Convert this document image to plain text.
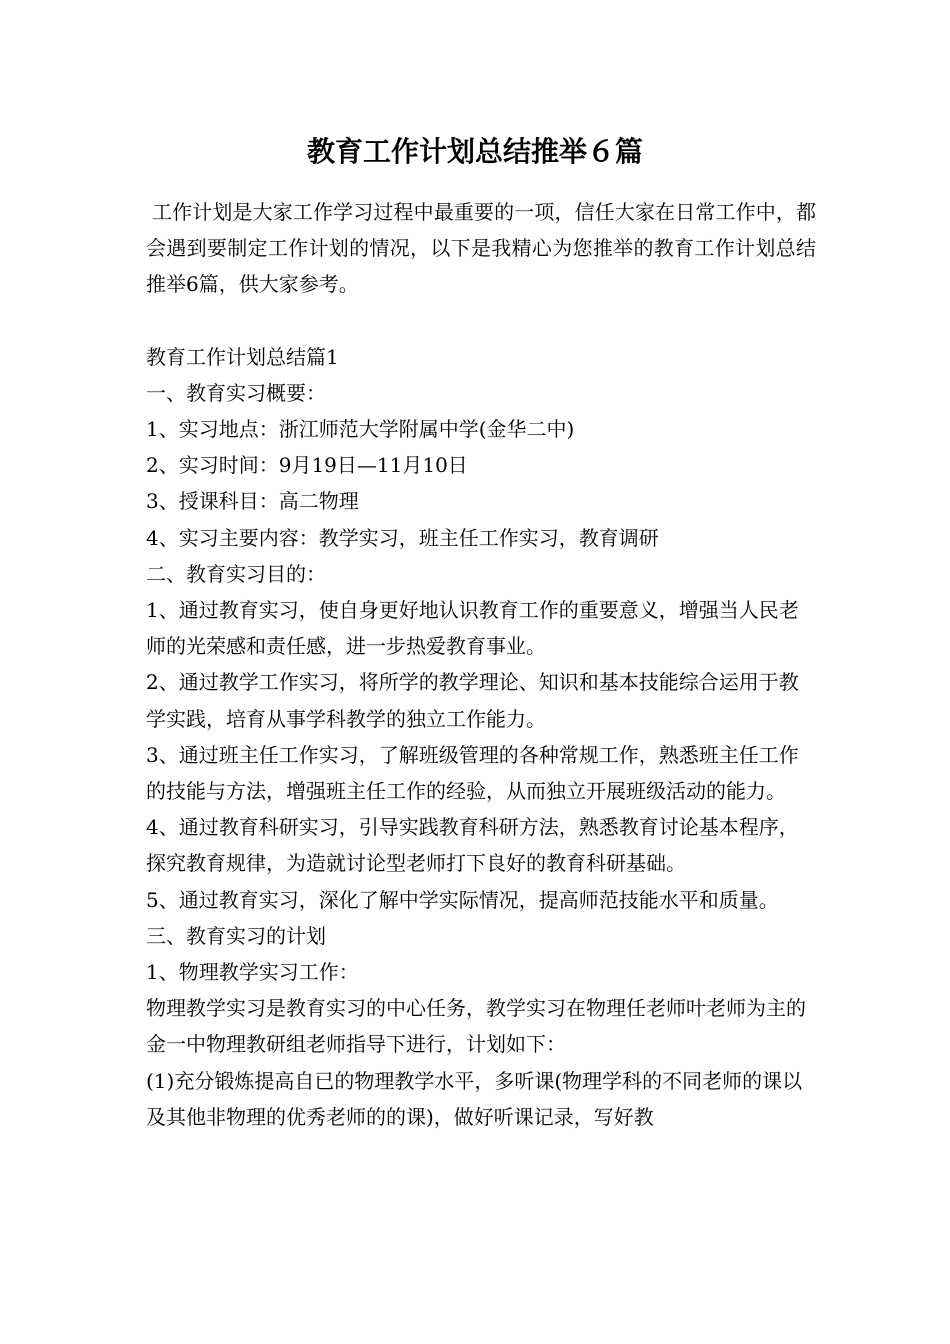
教育工作计划总结推举６篇

工作计划是大家工作学习过程中最重要的一项，信任大家在日常工作中，都会遇到要制定工作计划的情况，以下是我精心为您推举的教育工作计划总结推举6篇，供大家参考。

教育工作计划总结篇1

一、教育实习概要：

1、实习地点：浙江师范大学附属中学(金华二中)

2、实习时间：9月19日—11月10日

3、授课科目：高二物理

4、实习主要内容：教学实习，班主任工作实习，教育调研

二、教育实习目的：

1、通过教育实习，使自身更好地认识教育工作的重要意义，增强当人民老师的光荣感和责任感，进一步热爱教育事业。

2、通过教学工作实习，将所学的教学理论、知识和基本技能综合运用于教学实践，培育从事学科教学的独立工作能力。

3、通过班主任工作实习，了解班级管理的各种常规工作，熟悉班主任工作的技能与方法，增强班主任工作的经验，从而独立开展班级活动的能力。

4、通过教育科研实习，引导实践教育科研方法，熟悉教育讨论基本程序，探究教育规律，为造就讨论型老师打下良好的教育科研基础。

5、通过教育实习，深化了解中学实际情况，提高师范技能水平和质量。

三、教育实习的计划

1、物理教学实习工作：

物理教学实习是教育实习的中心任务，教学实习在物理任老师叶老师为主的金一中物理教研组老师指导下进行，计划如下：

(1)充分锻炼提高自已的物理教学水平，多听课(物理学科的不同老师的课以及其他非物理的优秀老师的的课)，做好听课记录，写好教
